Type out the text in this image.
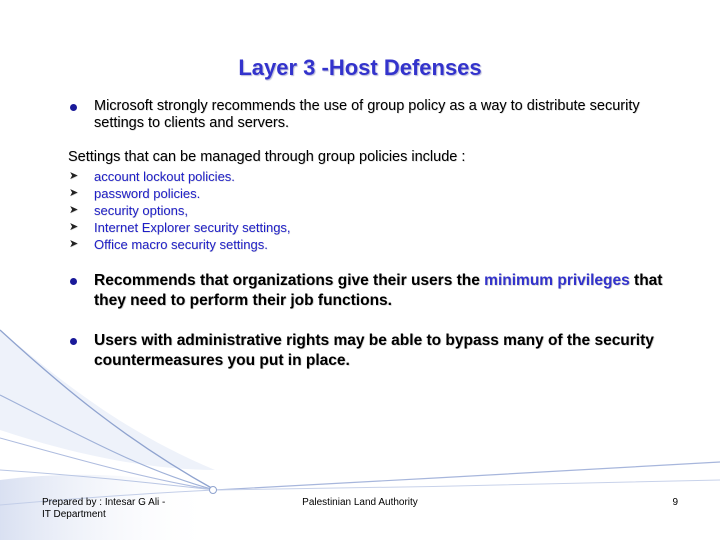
Layer 3 -Host Defenses
Microsoft strongly recommends the use of group policy as a way to distribute security settings to clients and servers.
Settings that can be managed through group policies include :
➤ account lockout policies.
➤ password policies.
➤ security options,
➤ Internet Explorer security settings,
➤ Office macro security settings.
Recommends that organizations give their users the minimum privileges that they need to perform their job functions.
Users with administrative rights may be able to bypass many of the security countermeasures you put in place.
Prepared by : Intesar G Ali -
IT Department
Palestinian Land Authority	9
